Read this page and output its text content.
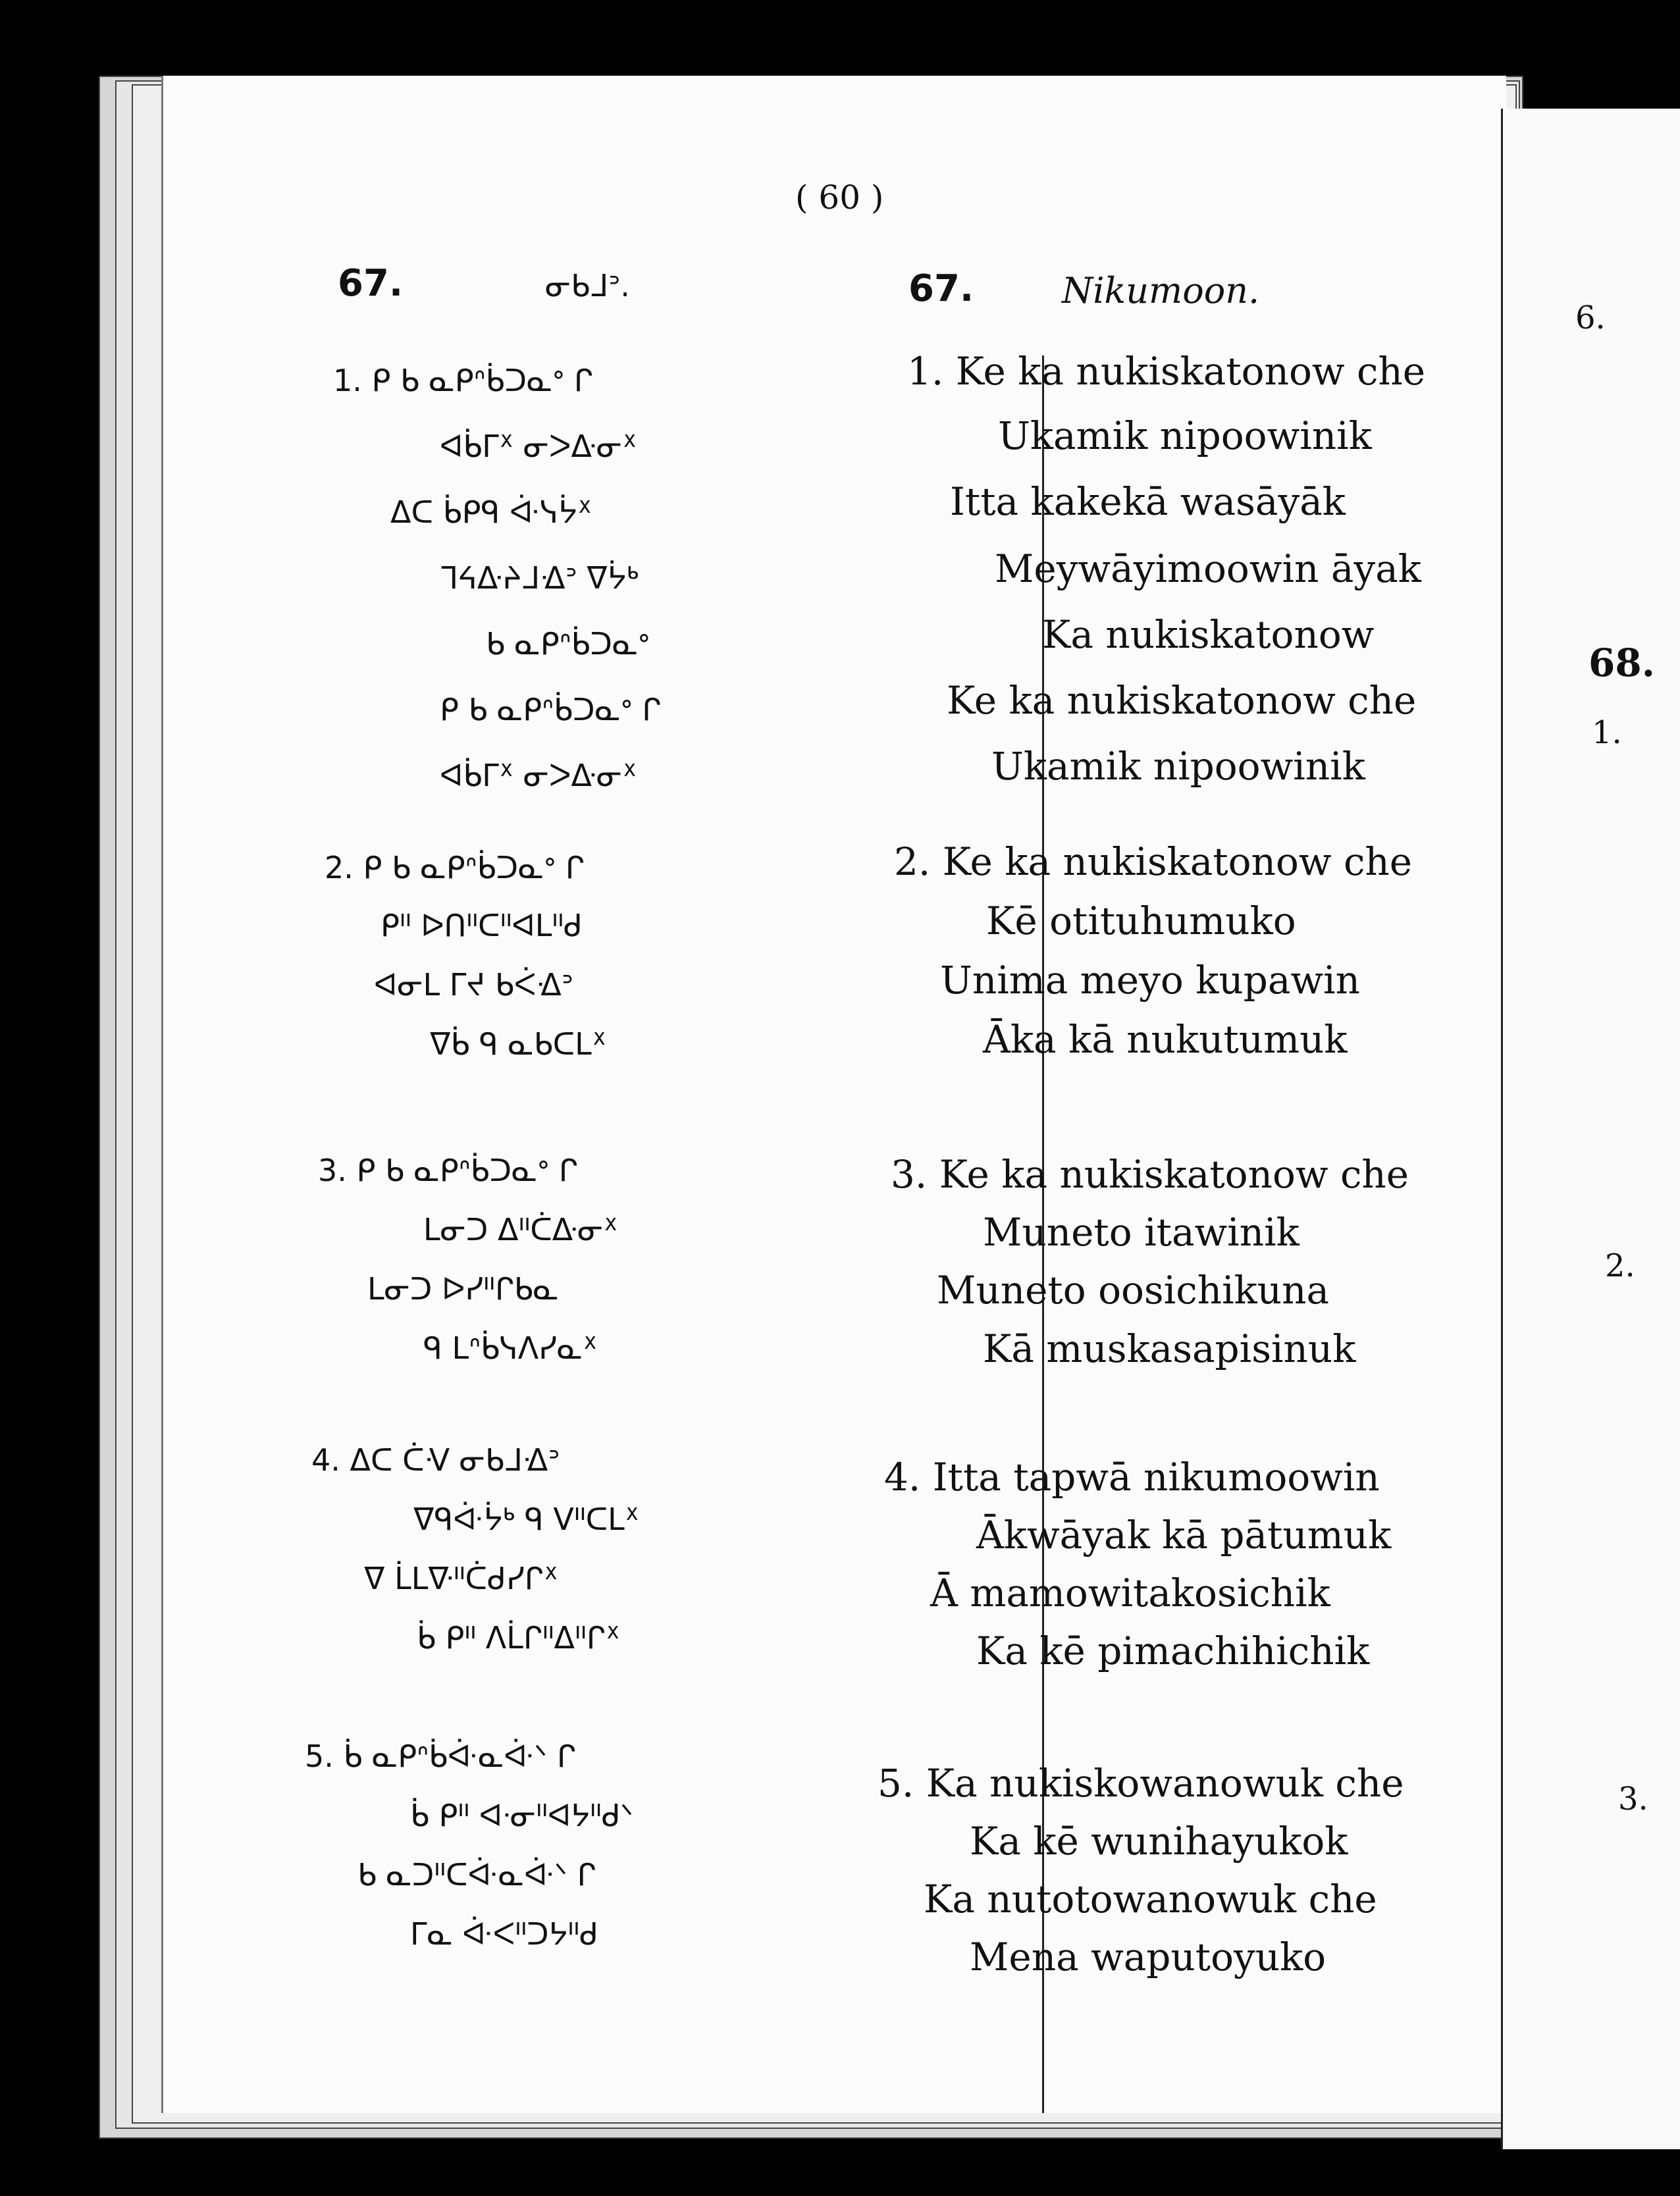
( 60 )
67.	ᓂᑲᒧᐣ.
1. ᑭ ᑲ ᓇᑭᐢᑳᑐᓇᐤ ᒋ
ᐊᑳᒥᕽ ᓂᐳᐏᓂᕽ
ᐃᑕ ᑳᑭᑫ ᐚᓭᔮᕽ
ᒣᔦᐏᔨᒧᐎᐣ ᐁᔮᒃ
ᑲ ᓇᑭᐢᑳᑐᓇᐤ
ᑭ ᑲ ᓇᑭᐢᑳᑐᓇᐤ ᒋ
ᐊᑳᒥᕽ ᓂᐳᐏᓂᕽ
2. ᑭ ᑲ ᓇᑭᐢᑳᑐᓇᐤ ᒋ
ᑭᐦ ᐅᑎᐦᑕᐦᐊᒪᐦᑯ
ᐊᓂᒪ ᒥᔪ ᑲᐹᐎᐣ
ᐁᑳ ᑫ ᓇᑲᑕᒪᕽ
3. ᑭ ᑲ ᓇᑭᐢᑳᑐᓇᐤ ᒋ
ᒪᓂᑐ ᐃᐦᑖᐏᓂᕽ
ᒪᓂᑐ ᐅᓯᐦᒋᑲᓇ
ᑫ ᒪᐢᑳᓭᐱᓯᓇᕽ
4. ᐃᑕ ᑖᐺ ᓂᑲᒧᐎᐣ
ᐁᑫᐚᔮᒃ ᑫ ᐯᐦᑕᒪᕽ
ᐁ ᒫᒪᐍᐦᑖᑯᓯᒋᕽ
ᑳ ᑭᐦ ᐱᒫᒋᐦᐃᐦᒋᕽ
5. ᑳ ᓇᑭᐢᑳᐚᓇᐚᐠ ᒋ
ᑳ ᑭᐦ ᐊᐧᓂᐦᐊᔭᐦᑯᐠ
ᑲ ᓇᑐᐦᑕᐚᓇᐚᐠ ᒋ
ᒥᓇ ᐚᐸᐦᑐᔭᐦᑯ
67. Nikumoon.
1. Ke ka nukiskatonow che
Ukamik nipoowinik
Itta kakekā wasāyāk
Meywāyimoowin āyak
Ka nukiskatonow
Ke ka nukiskatonow che
Ukamik nipoowinik
2. Ke ka nukiskatonow che
Kē otituhumuko
Unima meyo kupawin
Āka kā nukutumuk
3. Ke ka nukiskatonow che
Muneto itawinik
Muneto oosichikuna
Kā muskasapisinuk
4. Itta tapwā nikumoowin
Ākwāyak kā pātumuk
Ā mamowitakosichik
Ka kē pimachihichik
5. Ka nukiskowanowuk che
Ka kē wunihayukok
Ka nutotowanowuk che
Mena waputoyuko
6.
68.
1.
2.
3.
